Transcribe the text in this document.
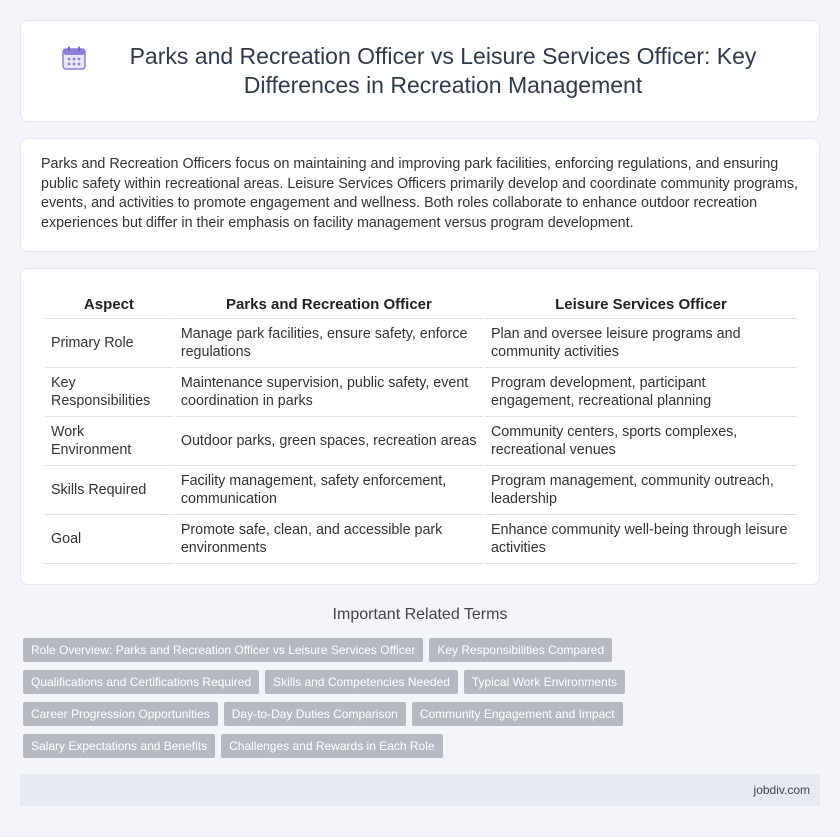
Parks and Recreation Officer vs Leisure Services Officer: Key Differences in Recreation Management

Parks and Recreation Officers focus on maintaining and improving park facilities, enforcing regulations, and ensuring public safety within recreational areas. Leisure Services Officers primarily develop and coordinate community programs, events, and activities to promote engagement and wellness. Both roles collaborate to enhance outdoor recreation experiences but differ in their emphasis on facility management versus program development.

Aspect	Parks and Recreation Officer	Leisure Services Officer
Primary Role	Manage park facilities, ensure safety, enforce regulations	Plan and oversee leisure programs and community activities
Key Responsibilities	Maintenance supervision, public safety, event coordination in parks	Program development, participant engagement, recreational planning
Work Environment	Outdoor parks, green spaces, recreation areas	Community centers, sports complexes, recreational venues
Skills Required	Facility management, safety enforcement, communication	Program management, community outreach, leadership
Goal	Promote safe, clean, and accessible park environments	Enhance community well-being through leisure activities
Important Related Terms
Role Overview: Parks and Recreation Officer vs Leisure Services Officer	Key Responsibilities Compared
Qualifications and Certifications Required	Skills and Competencies Needed	Typical Work Environments
Career Progression Opportunities	Day-to-Day Duties Comparison	Community Engagement and Impact
Salary Expectations and Benefits	Challenges and Rewards in Each Role
jobdiv.com
